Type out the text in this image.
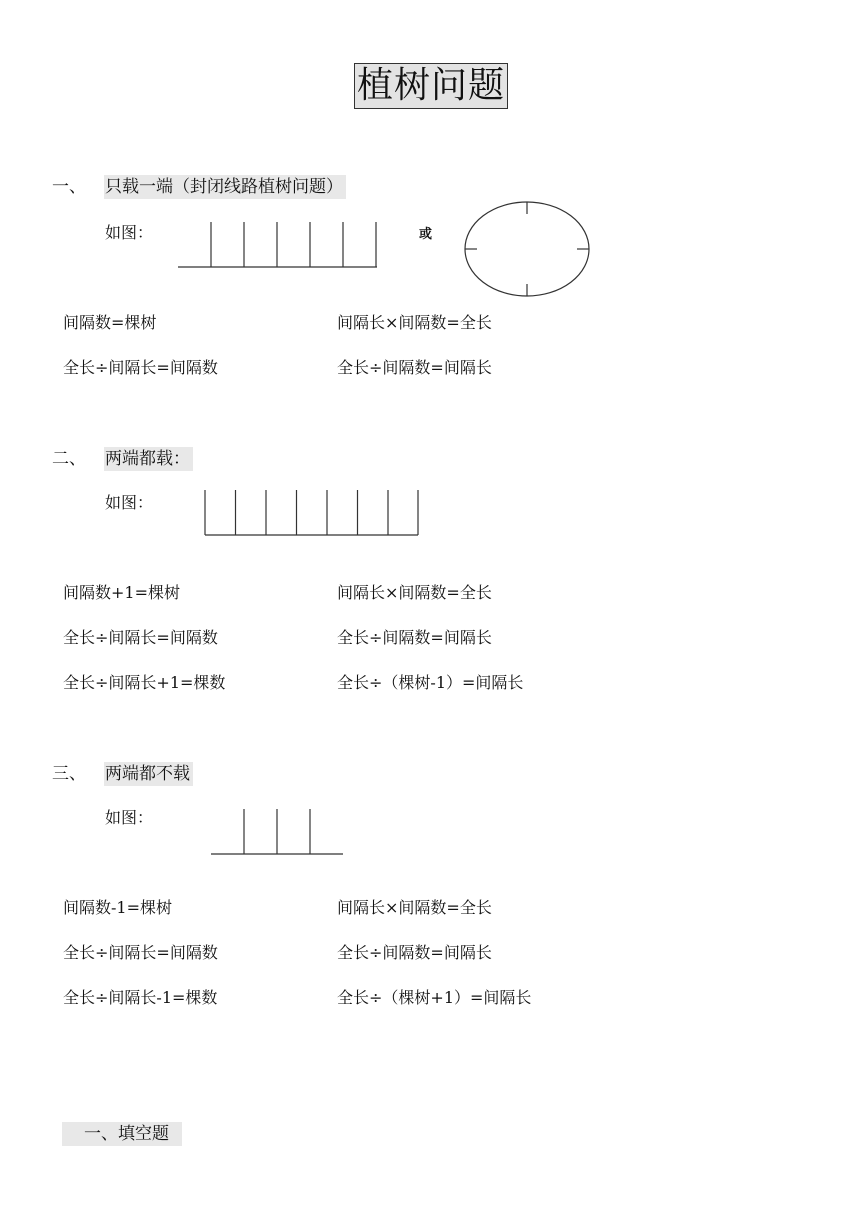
植树问题
一、 只载一端（封闭线路植树问题）
如图：	或
间隔数=棵树	间隔长×间隔数=全长
全长÷间隔长=间隔数	全长÷间隔数=间隔长
二、 两端都载：
如图：
间隔数+1=棵树	间隔长×间隔数=全长
全长÷间隔长=间隔数	全长÷间隔数=间隔长
全长÷间隔长+1=棵数	全长÷（棵树-1）=间隔长
三、 两端都不载
如图：
间隔数-1=棵树	间隔长×间隔数=全长
全长÷间隔长=间隔数	全长÷间隔数=间隔长
全长÷间隔长-1=棵数	全长÷（棵树+1）=间隔长
一、填空题
